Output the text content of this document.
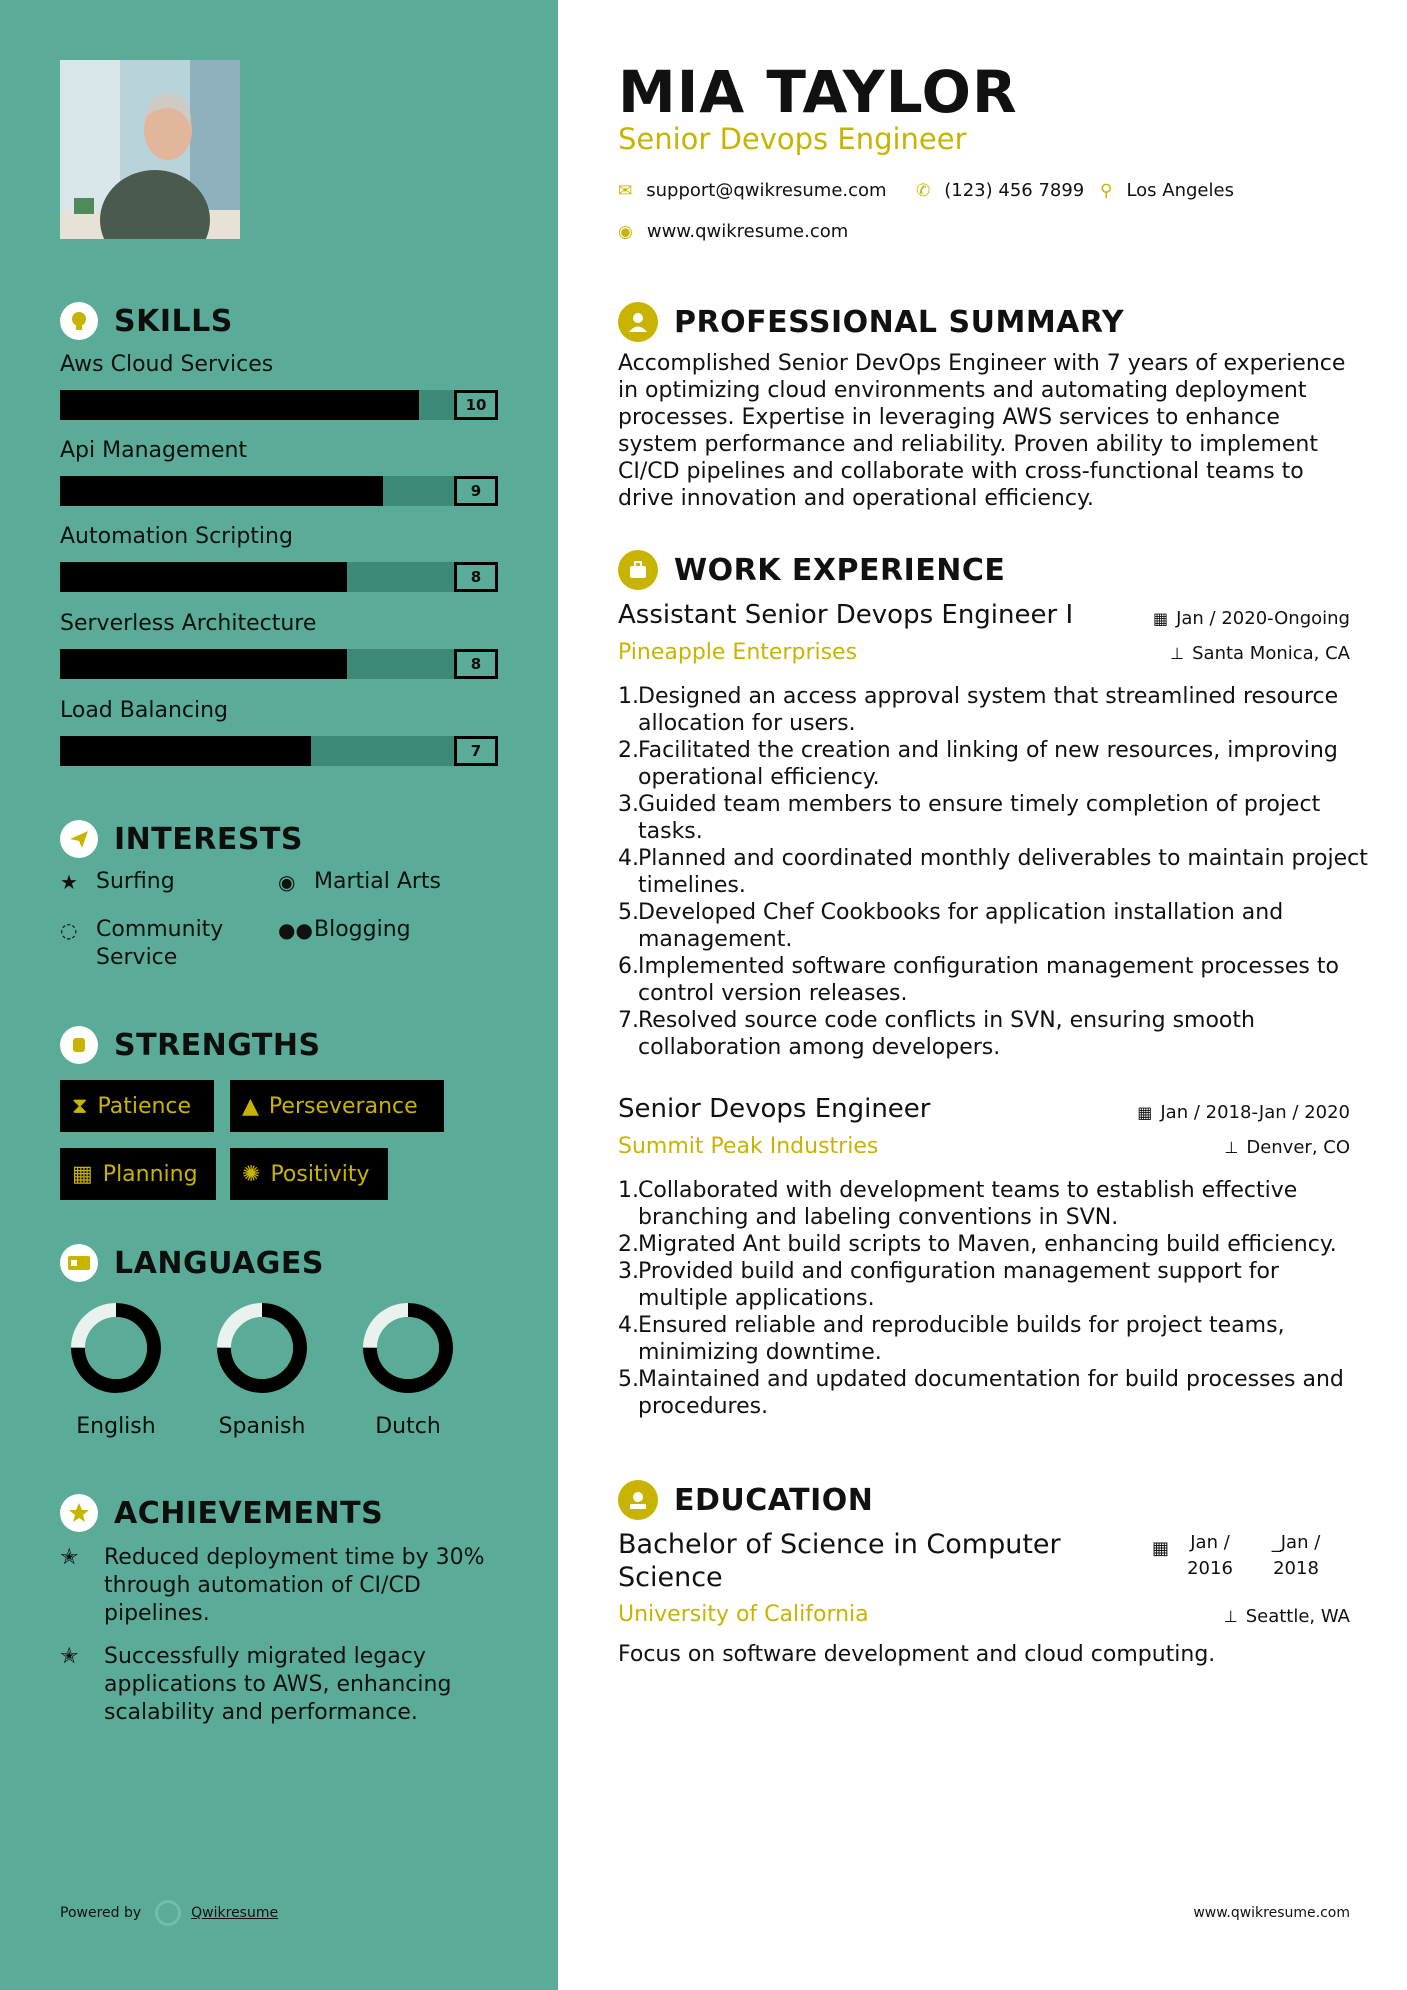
SKILLS
Aws Cloud Services
10
Api Management
9
Automation Scripting
8
Serverless Architecture
8
Load Balancing
7
INTERESTS
★ Surfing	◉ Martial Arts
◌ Community Service
●● Blogging
STRENGTHS
⧗ Patience ▲ Perseverance
▦ Planning ✺ Positivity
LANGUAGES
English	Spanish	Dutch
ACHIEVEMENTS
✭	Reduced deployment time by 30% through automation of CI/CD pipelines.
✭	Successfully migrated legacy applications to AWS, enhancing scalability and performance.
Powered by	Qwikresume
MIA TAYLOR
Senior Devops Engineer
✉ support@qwikresume.com ✆ (123) 456 7899 ⚲ Los Angeles
◉ www.qwikresume.com
PROFESSIONAL SUMMARY
Accomplished Senior DevOps Engineer with 7 years of experience in optimizing cloud environments and automating deployment processes. Expertise in leveraging AWS services to enhance system performance and reliability. Proven ability to implement CI/CD pipelines and collaborate with cross-functional teams to drive innovation and operational efficiency.
WORK EXPERIENCE
Assistant Senior Devops Engineer I	▦ Jan / 2020-Ongoing
Pineapple Enterprises	⊥ Santa Monica, CA
1. Designed an access approval system that streamlined resource allocation for users.
2. Facilitated the creation and linking of new resources, improving operational efficiency.
3. Guided team members to ensure timely completion of project tasks.
4. Planned and coordinated monthly deliverables to maintain project timelines.
5. Developed Chef Cookbooks for application installation and management.
6. Implemented software configuration management processes to control version releases.
7. Resolved source code conflicts in SVN, ensuring smooth collaboration among developers.
Senior Devops Engineer	▦ Jan / 2018-Jan / 2020
Summit Peak Industries	⊥ Denver, CO
1. Collaborated with development teams to establish effective branching and labeling conventions in SVN.
2. Migrated Ant build scripts to Maven, enhancing build efficiency.
3. Provided build and configuration management support for multiple applications.
4. Ensured reliable and reproducible builds for project teams, minimizing downtime.
5. Maintained and updated documentation for build processes and procedures.
EDUCATION
Bachelor of Science in Computer Science
▦	Jan /
2016
_Jan /
2018
University of California	⊥ Seattle, WA
Focus on software development and cloud computing.
www.qwikresume.com
